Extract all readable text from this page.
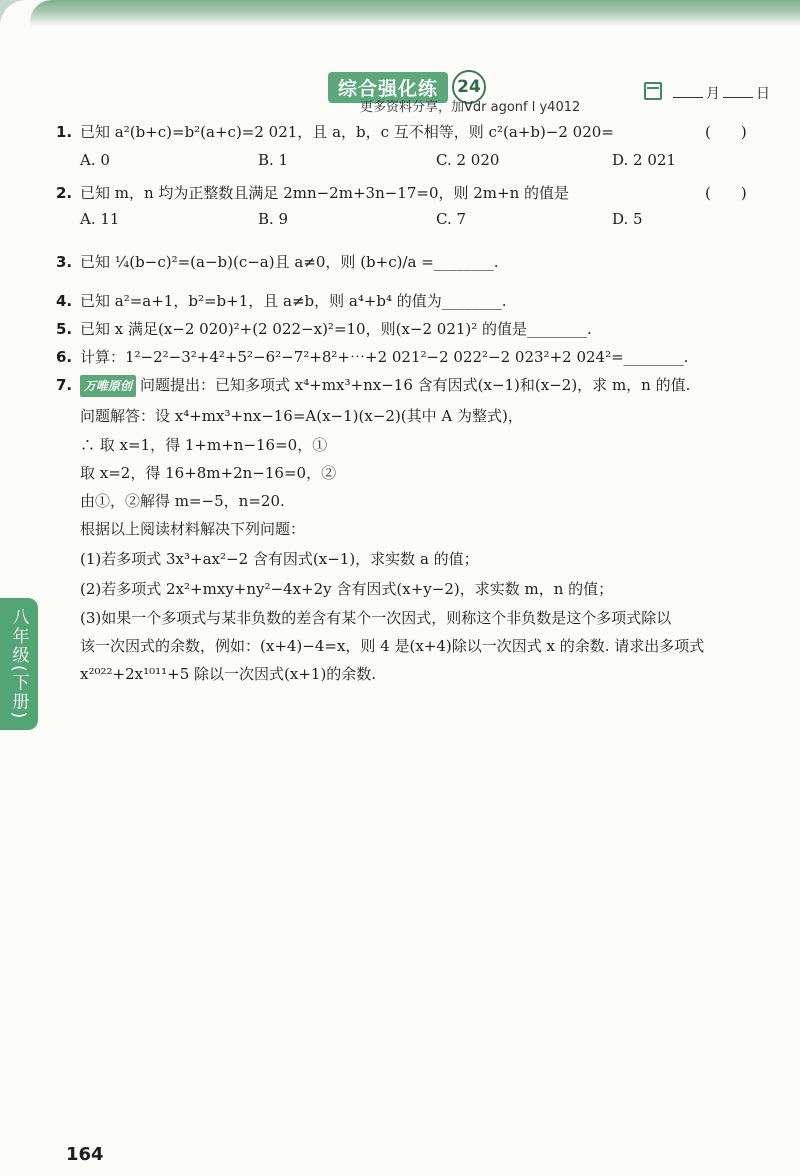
综合强化练	24
更多资料分享，加Vdr agonf l y4012
月	日
1. 已知 a²(b+c)=b²(a+c)=2 021，且 a，b，c 互不相等，则 c²(a+b)−2 020=	(　　)
A. 0	B. 1	C. 2 020	D. 2 021
2. 已知 m，n 均为正整数且满足 2mn−2m+3n−17=0，则 2m+n 的值是	(　　)
A. 11	B. 9	C. 7	D. 5
3. 已知 ¼(b−c)²=(a−b)(c−a)且 a≠0，则 (b+c)/a =________.
4. 已知 a²=a+1，b²=b+1，且 a≠b，则 a⁴+b⁴ 的值为________.
5. 已知 x 满足(x−2 020)²+(2 022−x)²=10，则(x−2 021)² 的值是________.
6. 计算：1²−2²−3²+4²+5²−6²−7²+8²+⋯+2 021²−2 022²−2 023²+2 024²=________.
7. 万唯原创 问题提出：已知多项式 x⁴+mx³+nx−16 含有因式(x−1)和(x−2)，求 m，n 的值.
问题解答：设 x⁴+mx³+nx−16=A(x−1)(x−2)(其中 A 为整式)，
∴ 取 x=1，得 1+m+n−16=0，①
取 x=2，得 16+8m+2n−16=0，②
由①，②解得 m=−5，n=20.
根据以上阅读材料解决下列问题：
(1)若多项式 3x³+ax²−2 含有因式(x−1)，求实数 a 的值；
(2)若多项式 2x²+mxy+ny²−4x+2y 含有因式(x+y−2)，求实数 m，n 的值；
(3)如果一个多项式与某非负数的差含有某个一次因式，则称这个非负数是这个多项式除以
该一次因式的余数，例如：(x+4)−4=x，则 4 是(x+4)除以一次因式 x 的余数. 请求出多项式
x²⁰²²+2x¹⁰¹¹+5 除以一次因式(x+1)的余数.
八年级(下册)
164
